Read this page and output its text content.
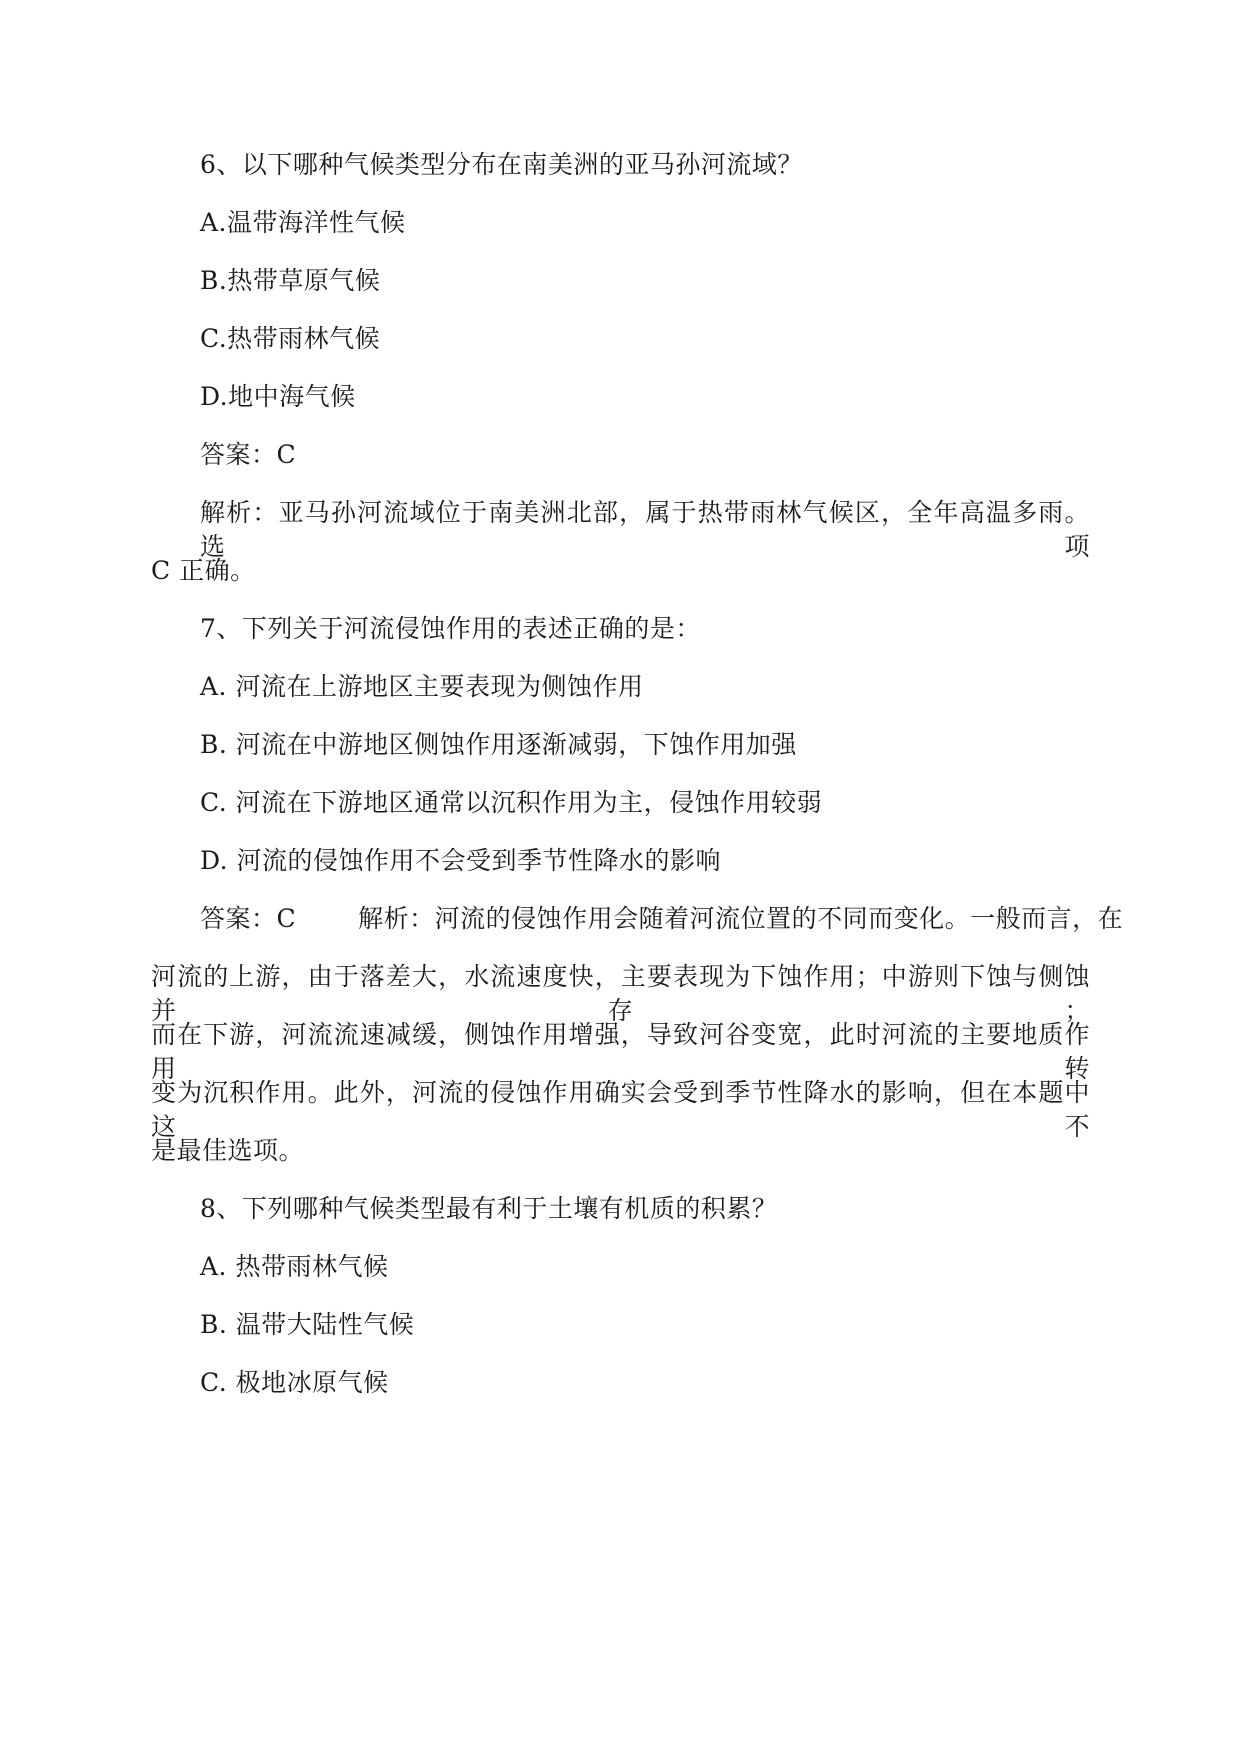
6、以下哪种气候类型分布在南美洲的亚马孙河流域？
A.温带海洋性气候
B.热带草原气候
C.热带雨林气候
D.地中海气候
答案：C
解析：亚马孙河流域位于南美洲北部，属于热带雨林气候区，全年高温多雨。选项
C 正确。
7、下列关于河流侵蚀作用的表述正确的是：
A. 河流在上游地区主要表现为侧蚀作用
B. 河流在中游地区侧蚀作用逐渐减弱，下蚀作用加强
C. 河流在下游地区通常以沉积作用为主，侵蚀作用较弱
D. 河流的侵蚀作用不会受到季节性降水的影响
答案：C 解析：河流的侵蚀作用会随着河流位置的不同而变化。一般而言，在
河流的上游，由于落差大，水流速度快，主要表现为下蚀作用；中游则下蚀与侧蚀并存；
而在下游，河流流速减缓，侧蚀作用增强，导致河谷变宽，此时河流的主要地质作用转
变为沉积作用。此外，河流的侵蚀作用确实会受到季节性降水的影响，但在本题中这不
是最佳选项。
8、下列哪种气候类型最有利于土壤有机质的积累？
A. 热带雨林气候
B. 温带大陆性气候
C. 极地冰原气候
